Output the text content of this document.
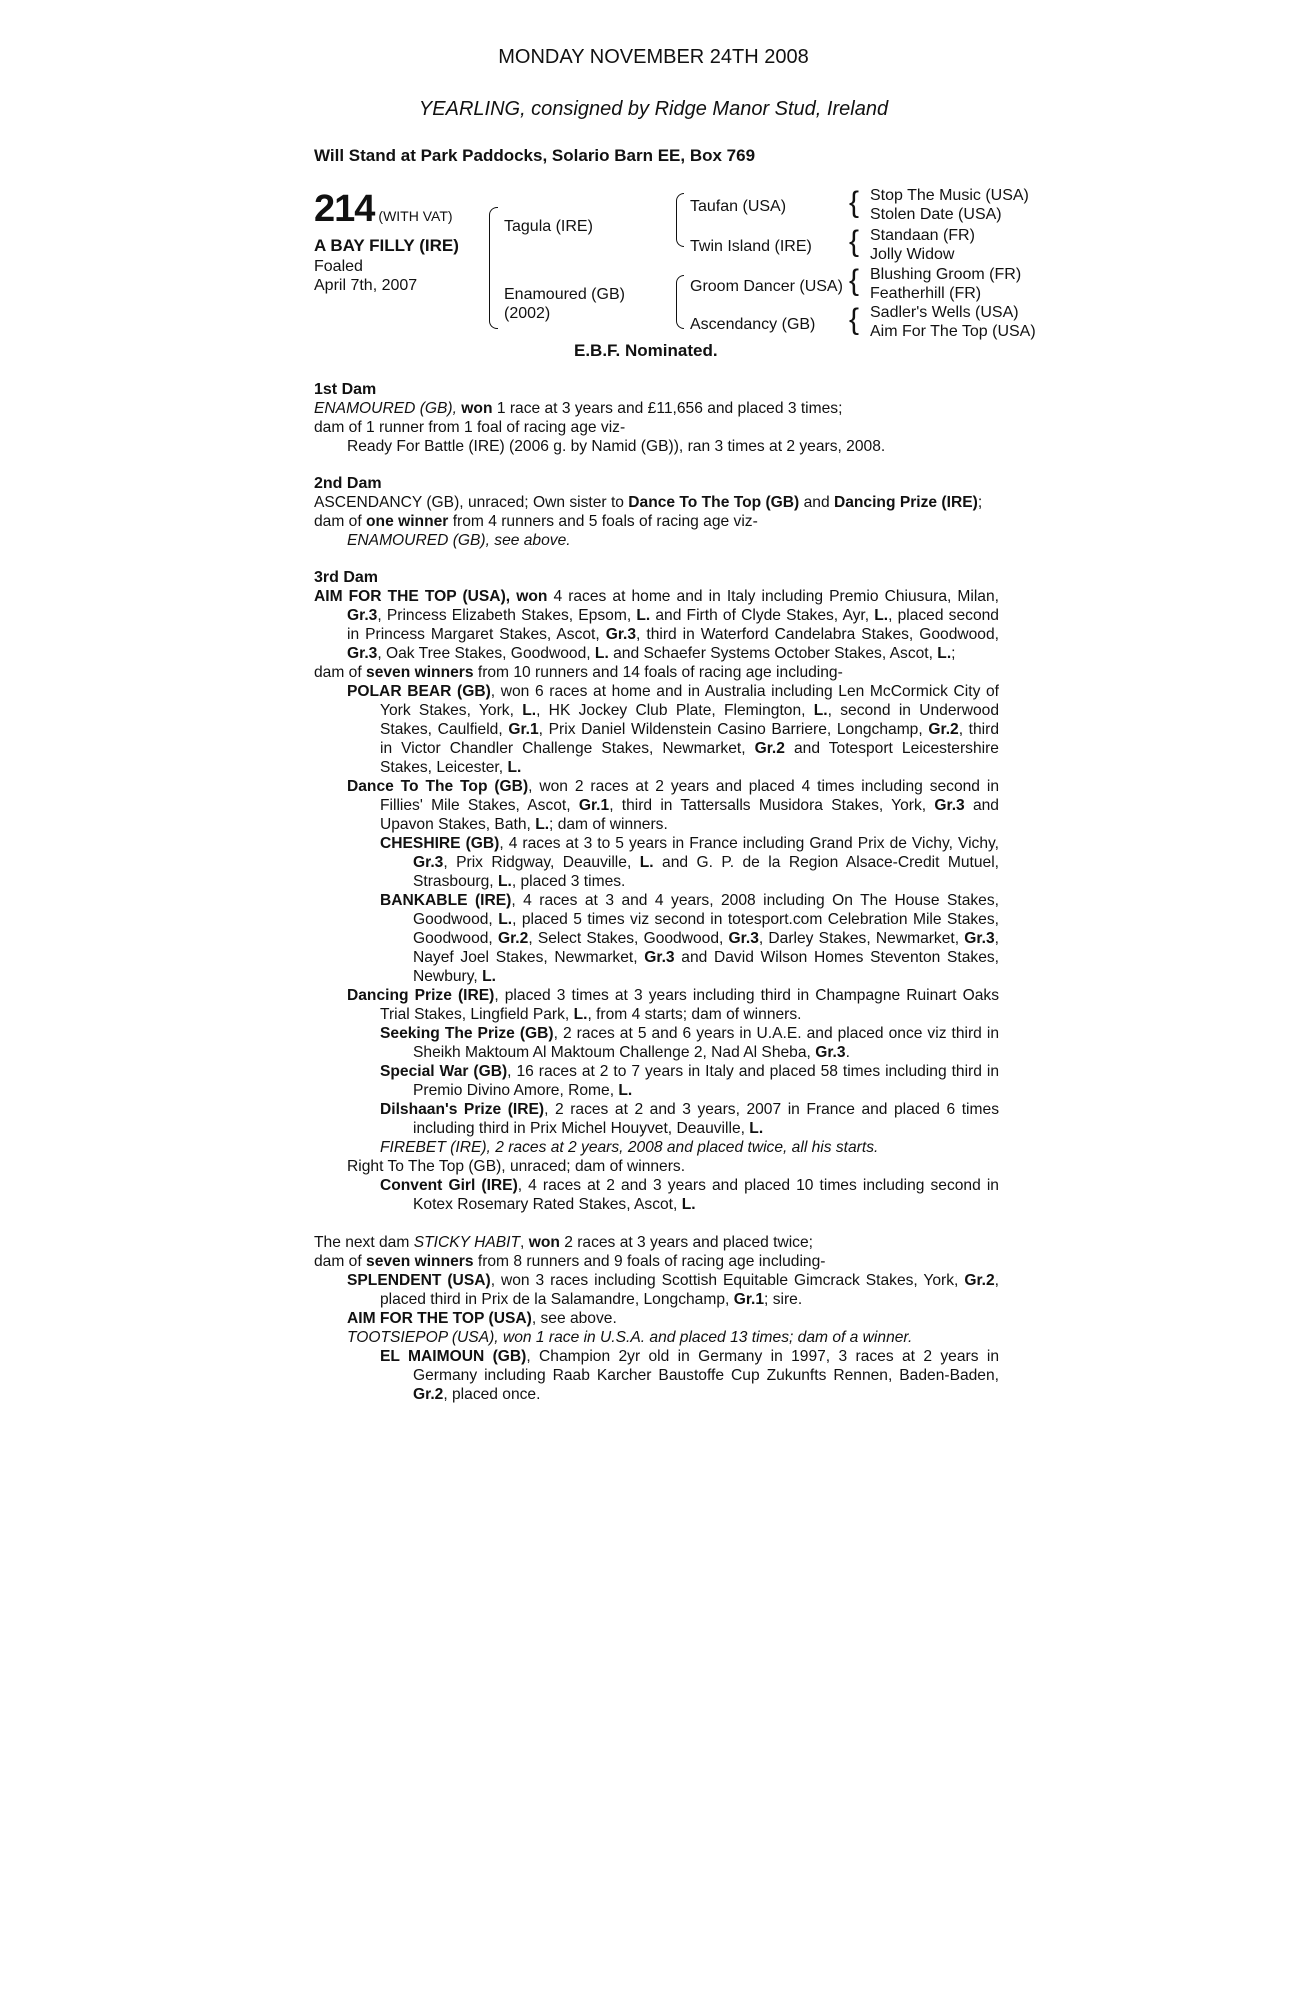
MONDAY NOVEMBER 24TH 2008
YEARLING, consigned by Ridge Manor Stud, Ireland
Will Stand at Park Paddocks, Solario Barn EE, Box 769
214 (WITH VAT)
A BAY FILLY (IRE)
Foaled
April 7th, 2007
{
{
{
{
Tagula (IRE)
Enamoured (GB)
(2002)
Taufan (USA)
Twin Island (IRE)
Groom Dancer (USA)
Ascendancy (GB)
Stop The Music (USA)
Stolen Date (USA)
Standaan (FR)
Jolly Widow
Blushing Groom (FR)
Featherhill (FR)
Sadler's Wells (USA)
Aim For The Top (USA)
E.B.F. Nominated.
1st Dam
ENAMOURED (GB), won 1 race at 3 years and £11,656 and placed 3 times;
dam of 1 runner from 1 foal of racing age viz-
Ready For Battle (IRE) (2006 g. by Namid (GB)), ran 3 times at 2 years, 2008.
2nd Dam
ASCENDANCY (GB), unraced; Own sister to Dance To The Top (GB) and Dancing Prize (IRE);
dam of one winner from 4 runners and 5 foals of racing age viz-
ENAMOURED (GB), see above.
3rd Dam
AIM FOR THE TOP (USA), won 4 races at home and in Italy including Premio Chiusura, Milan, Gr.3, Princess Elizabeth Stakes, Epsom, L. and Firth of Clyde Stakes, Ayr, L., placed second in Princess Margaret Stakes, Ascot, Gr.3, third in Waterford Candelabra Stakes, Goodwood, Gr.3, Oak Tree Stakes, Goodwood, L. and Schaefer Systems October Stakes, Ascot, L.;
dam of seven winners from 10 runners and 14 foals of racing age including-
POLAR BEAR (GB), won 6 races at home and in Australia including Len McCormick City of York Stakes, York, L., HK Jockey Club Plate, Flemington, L., second in Underwood Stakes, Caulfield, Gr.1, Prix Daniel Wildenstein Casino Barriere, Longchamp, Gr.2, third in Victor Chandler Challenge Stakes, Newmarket, Gr.2 and Totesport Leicestershire Stakes, Leicester, L.
Dance To The Top (GB), won 2 races at 2 years and placed 4 times including second in Fillies' Mile Stakes, Ascot, Gr.1, third in Tattersalls Musidora Stakes, York, Gr.3 and Upavon Stakes, Bath, L.; dam of winners.
CHESHIRE (GB), 4 races at 3 to 5 years in France including Grand Prix de Vichy, Vichy, Gr.3, Prix Ridgway, Deauville, L. and G. P. de la Region Alsace-Credit Mutuel, Strasbourg, L., placed 3 times.
BANKABLE (IRE), 4 races at 3 and 4 years, 2008 including On The House Stakes, Goodwood, L., placed 5 times viz second in totesport.com Celebration Mile Stakes, Goodwood, Gr.2, Select Stakes, Goodwood, Gr.3, Darley Stakes, Newmarket, Gr.3, Nayef Joel Stakes, Newmarket, Gr.3 and David Wilson Homes Steventon Stakes, Newbury, L.
Dancing Prize (IRE), placed 3 times at 3 years including third in Champagne Ruinart Oaks Trial Stakes, Lingfield Park, L., from 4 starts; dam of winners.
Seeking The Prize (GB), 2 races at 5 and 6 years in U.A.E. and placed once viz third in Sheikh Maktoum Al Maktoum Challenge 2, Nad Al Sheba, Gr.3.
Special War (GB), 16 races at 2 to 7 years in Italy and placed 58 times including third in Premio Divino Amore, Rome, L.
Dilshaan's Prize (IRE), 2 races at 2 and 3 years, 2007 in France and placed 6 times including third in Prix Michel Houyvet, Deauville, L.
FIREBET (IRE), 2 races at 2 years, 2008 and placed twice, all his starts.
Right To The Top (GB), unraced; dam of winners.
Convent Girl (IRE), 4 races at 2 and 3 years and placed 10 times including second in Kotex Rosemary Rated Stakes, Ascot, L.
The next dam STICKY HABIT, won 2 races at 3 years and placed twice;
dam of seven winners from 8 runners and 9 foals of racing age including-
SPLENDENT (USA), won 3 races including Scottish Equitable Gimcrack Stakes, York, Gr.2, placed third in Prix de la Salamandre, Longchamp, Gr.1; sire.
AIM FOR THE TOP (USA), see above.
TOOTSIEPOP (USA), won 1 race in U.S.A. and placed 13 times; dam of a winner.
EL MAIMOUN (GB), Champion 2yr old in Germany in 1997, 3 races at 2 years in Germany including Raab Karcher Baustoffe Cup Zukunfts Rennen, Baden-Baden, Gr.2, placed once.
